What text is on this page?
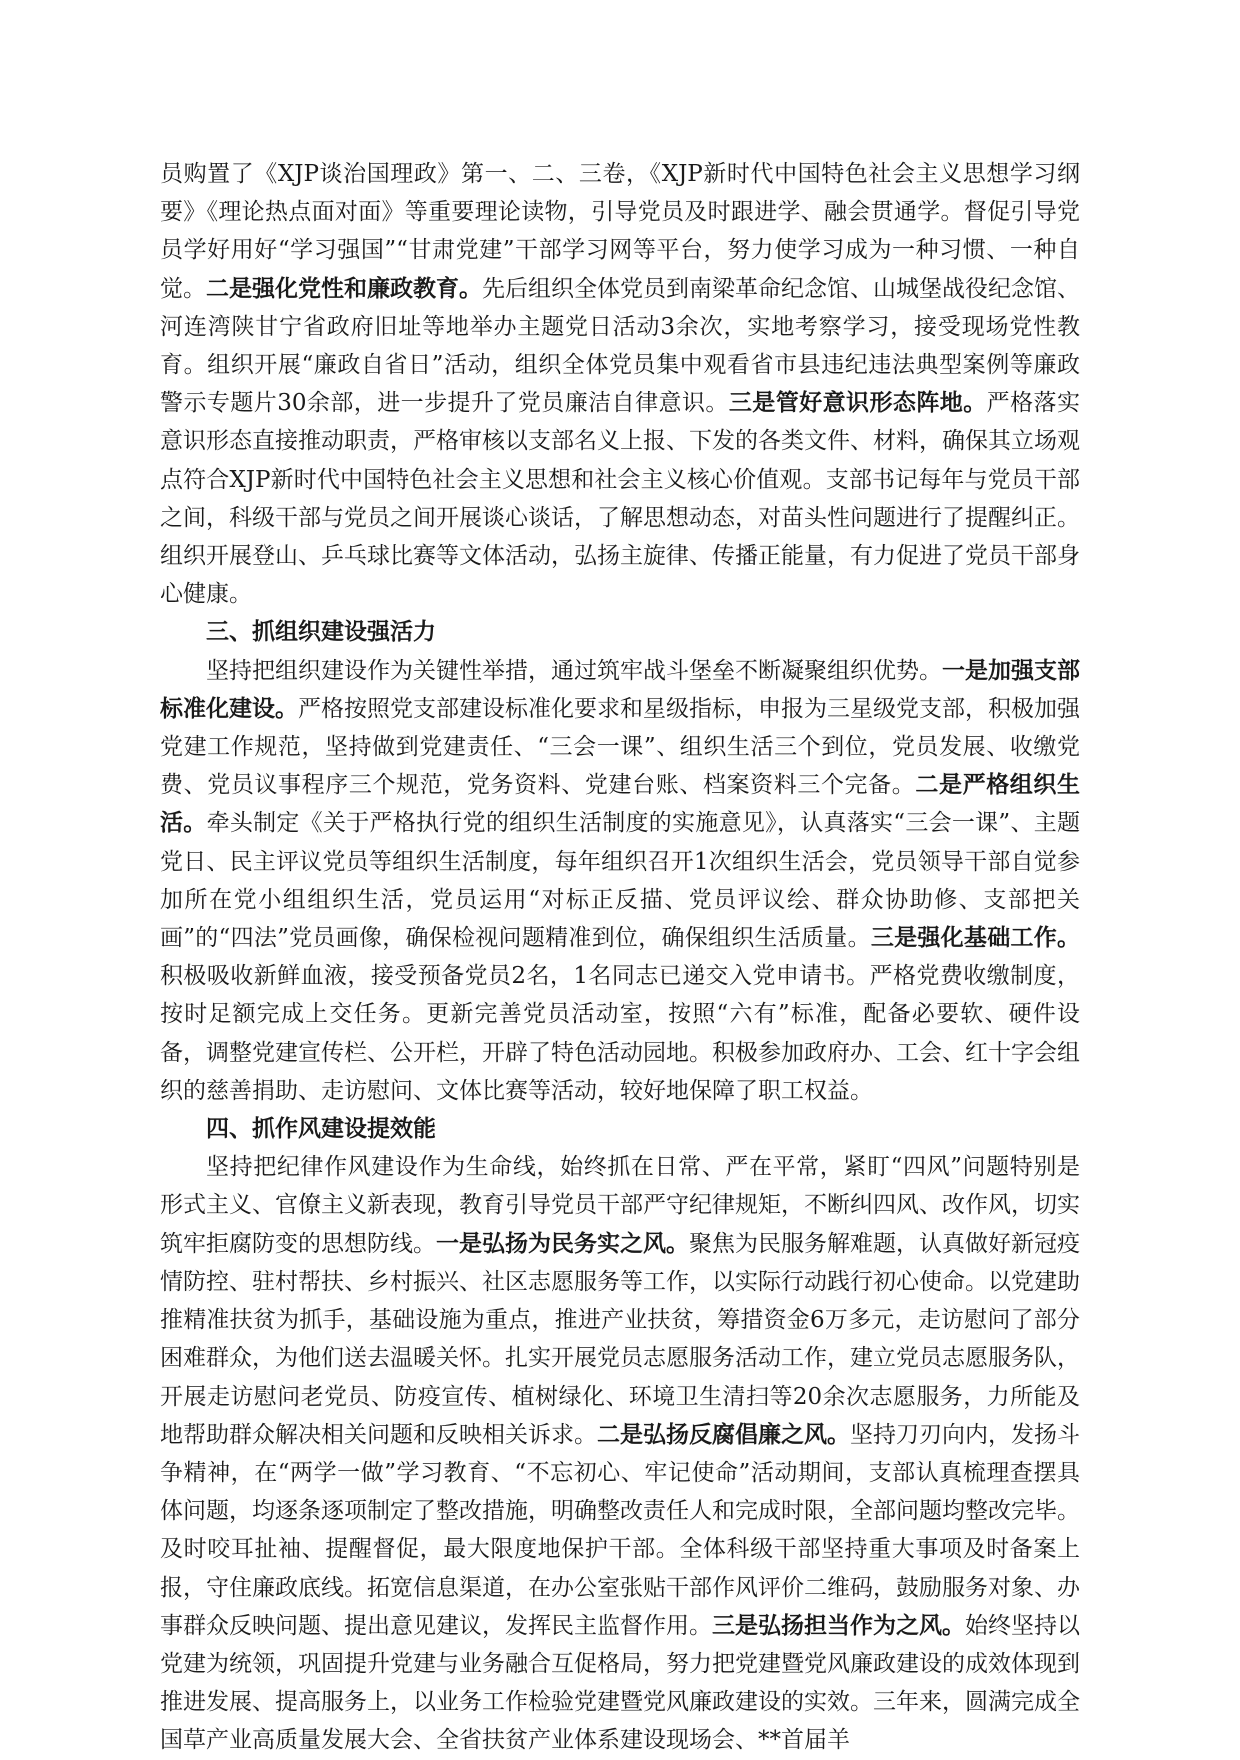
员购置了《XJP谈治国理政》第一、二、三卷，《XJP新时代中国特色社会主义思想学习纲要》《理论热点面对面》等重要理论读物，引导党员及时跟进学、融会贯通学。督促引导党员学好用好“学习强国”“甘肃党建”干部学习网等平台，努力使学习成为一种习惯、一种自觉。二是强化党性和廉政教育。先后组织全体党员到南梁革命纪念馆、山城堡战役纪念馆、河连湾陕甘宁省政府旧址等地举办主题党日活动3余次，实地考察学习，接受现场党性教育。组织开展“廉政自省日”活动，组织全体党员集中观看省市县违纪违法典型案例等廉政警示专题片30余部，进一步提升了党员廉洁自律意识。三是管好意识形态阵地。严格落实意识形态直接推动职责，严格审核以支部名义上报、下发的各类文件、材料，确保其立场观点符合XJP新时代中国特色社会主义思想和社会主义核心价值观。支部书记每年与党员干部之间，科级干部与党员之间开展谈心谈话，了解思想动态，对苗头性问题进行了提醒纠正。组织开展登山、乒乓球比赛等文体活动，弘扬主旋律、传播正能量，有力促进了党员干部身心健康。

三、抓组织建设强活力

坚持把组织建设作为关键性举措，通过筑牢战斗堡垒不断凝聚组织优势。一是加强支部标准化建设。严格按照党支部建设标准化要求和星级指标，申报为三星级党支部，积极加强党建工作规范，坚持做到党建责任、“三会一课”、组织生活三个到位，党员发展、收缴党费、党员议事程序三个规范，党务资料、党建台账、档案资料三个完备。二是严格组织生活。牵头制定《关于严格执行党的组织生活制度的实施意见》，认真落实“三会一课”、主题党日、民主评议党员等组织生活制度，每年组织召开1次组织生活会，党员领导干部自觉参加所在党小组组织生活，党员运用“对标正反描、党员评议绘、群众协助修、支部把关画”的“四法”党员画像，确保检视问题精准到位，确保组织生活质量。三是强化基础工作。积极吸收新鲜血液，接受预备党员2名，1名同志已递交入党申请书。严格党费收缴制度，按时足额完成上交任务。更新完善党员活动室，按照“六有”标准，配备必要软、硬件设备，调整党建宣传栏、公开栏，开辟了特色活动园地。积极参加政府办、工会、红十字会组织的慈善捐助、走访慰问、文体比赛等活动，较好地保障了职工权益。

四、抓作风建设提效能

坚持把纪律作风建设作为生命线，始终抓在日常、严在平常，紧盯“四风”问题特别是形式主义、官僚主义新表现，教育引导党员干部严守纪律规矩，不断纠四风、改作风，切实筑牢拒腐防变的思想防线。一是弘扬为民务实之风。聚焦为民服务解难题，认真做好新冠疫情防控、驻村帮扶、乡村振兴、社区志愿服务等工作，以实际行动践行初心使命。以党建助推精准扶贫为抓手，基础设施为重点，推进产业扶贫，筹措资金6万多元，走访慰问了部分困难群众，为他们送去温暖关怀。扎实开展党员志愿服务活动工作，建立党员志愿服务队，开展走访慰问老党员、防疫宣传、植树绿化、环境卫生清扫等20余次志愿服务，力所能及地帮助群众解决相关问题和反映相关诉求。二是弘扬反腐倡廉之风。坚持刀刃向内，发扬斗争精神，在“两学一做”学习教育、“不忘初心、牢记使命”活动期间，支部认真梳理查摆具体问题，均逐条逐项制定了整改措施，明确整改责任人和完成时限，全部问题均整改完毕。及时咬耳扯袖、提醒督促，最大限度地保护干部。全体科级干部坚持重大事项及时备案上报，守住廉政底线。拓宽信息渠道，在办公室张贴干部作风评价二维码，鼓励服务对象、办事群众反映问题、提出意见建议，发挥民主监督作用。三是弘扬担当作为之风。始终坚持以党建为统领，巩固提升党建与业务融合互促格局，努力把党建暨党风廉政建设的成效体现到推进发展、提高服务上，以业务工作检验党建暨党风廉政建设的实效。三年来，圆满完成全国草产业高质量发展大会、全省扶贫产业体系建设现场会、**首届羊
